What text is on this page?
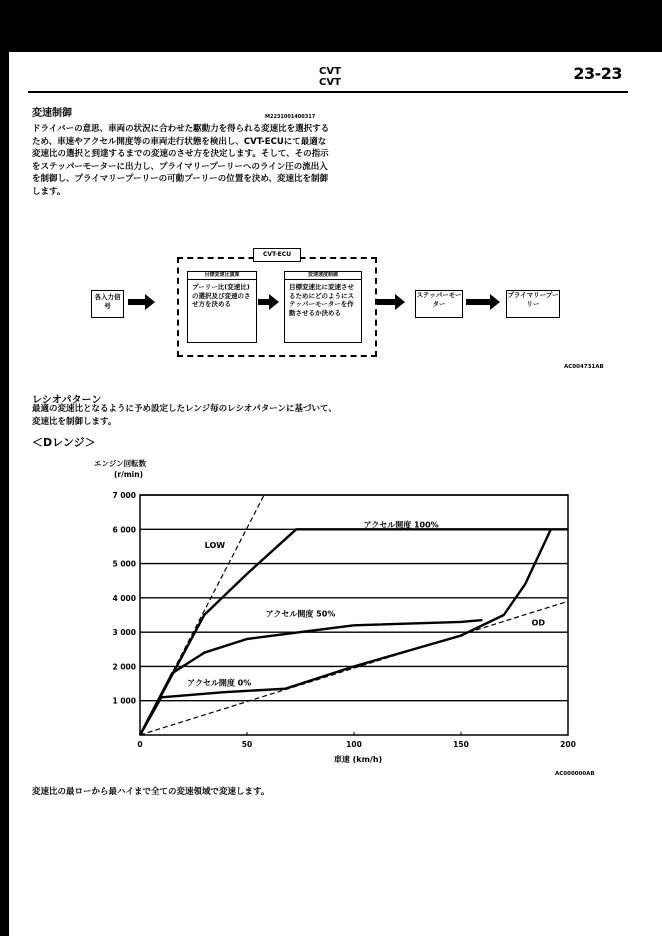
CVT
CVT	23-23
変速制御	M2231001400317
ドライバーの意思、車両の状況に合わせた駆動力を得られる変速比を選択するため、車速やアクセル開度等の車両走行状態を検出し、CVT-ECUにて最適な変速比の選択と到達するまでの変速のさせ方を決定します。そして、その指示をステッパーモーターに出力し、プライマリープーリーへのライン圧の流出入を制御し、プライマリープーリーの可動プーリーの位置を決め、変速比を制御します。
CVT-ECU
各入力信号
目標変速比演算
プーリー比(変速比)の選択及び変速のさせ方を決める
変速速度制御
目標変速比に変速させるためにどのようにステッパーモーターを作動させるか決める
ステッパーモーター
プライマリープーリー
AC004731AB
レシオパターン
最適の変速比となるように予め設定したレンジ毎のレシオパターンに基づいて、変速比を制御します。
＜Dレンジ＞
エンジン回転数
(r/min)
1 000
2 000
3 000
4 000
5 000
6 000
7 000
0	50	100	150	200
車速 (km/h)
アクセル開度 100%
アクセル開度 50%
アクセル開度 0%
LOW
OD
AC000000AB
変速比の最ローから最ハイまで全ての変速領域で変速します。
